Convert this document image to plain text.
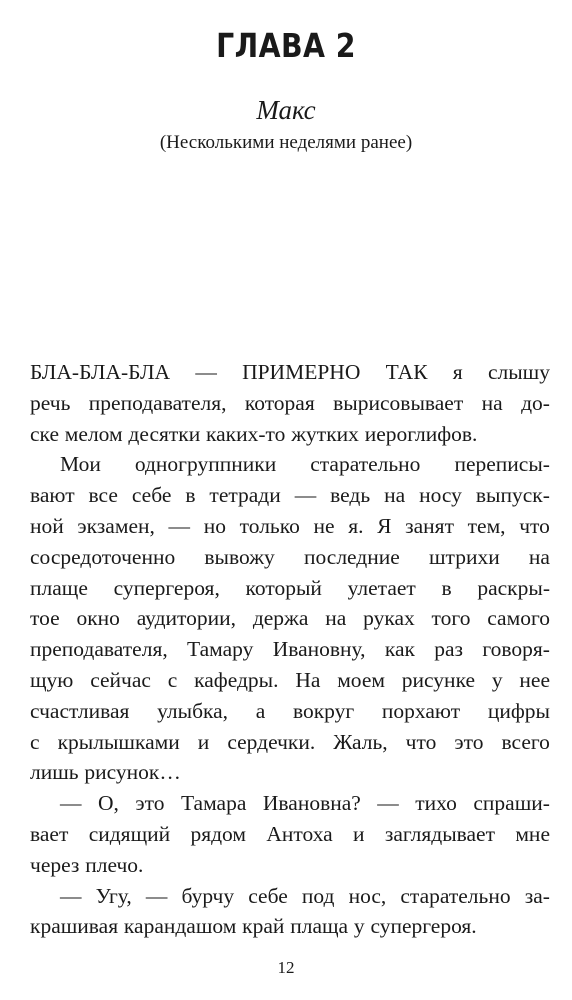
ГЛАВА 2
Макс
(Несколькими неделями ранее)
БЛА-БЛА-БЛА — ПРИМЕРНО ТАК я слышу
речь преподавателя, которая вырисовывает на до-
ске мелом десятки каких-то жутких иероглифов.
Мои одногруппники старательно переписы-
вают все себе в тетради — ведь на носу выпуск-
ной экзамен, — но только не я. Я занят тем, что
сосредоточенно вывожу последние штрихи на
плаще супергероя, который улетает в раскры-
тое окно аудитории, держа на руках того самого
преподавателя, Тамару Ивановну, как раз говоря-
щую сейчас с кафедры. На моем рисунке у нее
счастливая улыбка, а вокруг порхают цифры
с крылышками и сердечки. Жаль, что это всего
лишь рисунок…
— О, это Тамара Ивановна? — тихо спраши-
вает сидящий рядом Антоха и заглядывает мне
через плечо.
— Угу, — бурчу себе под нос, старательно за-
крашивая карандашом край плаща у супергероя.
12
